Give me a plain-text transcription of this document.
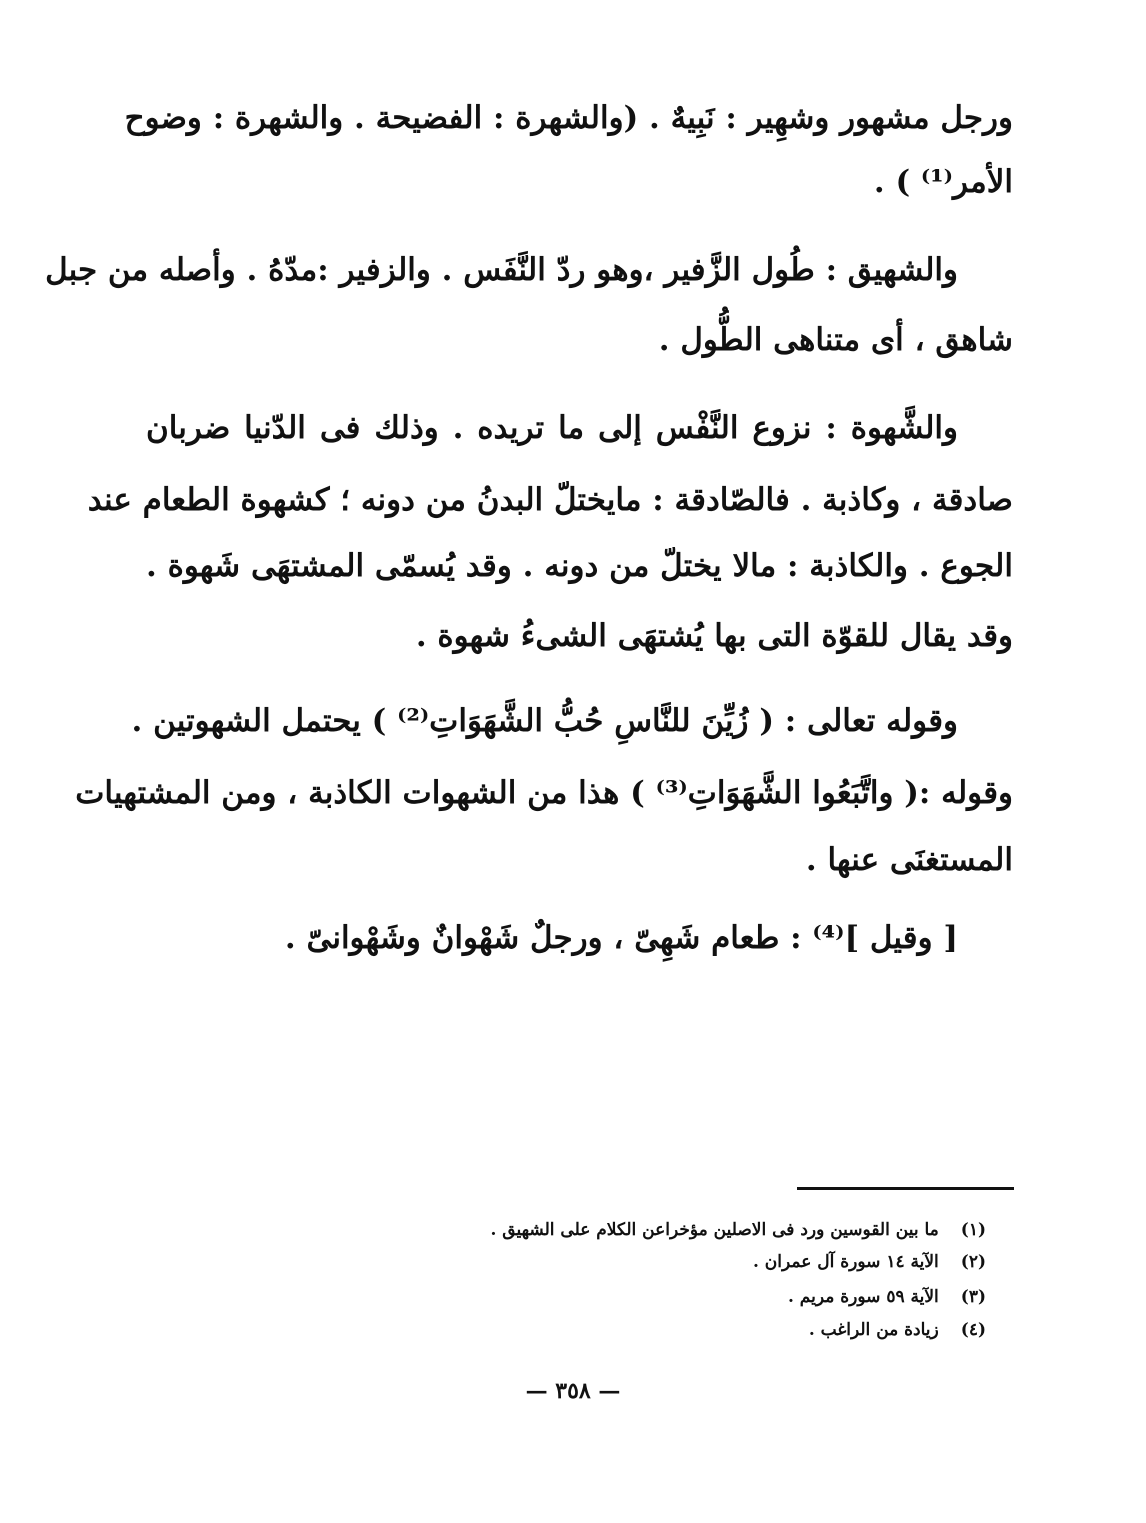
ورجل مشهور وشهِير : نَبِيهٌ . (والشهرة : الفضيحة . والشهرة : وضوح
الأمر⁽¹⁾ ) .
والشهيق : طُول الزَّفير ،وهو ردّ النَّفَس . والزفير :مدّهُ . وأصله من جبل
شاهق ، أى متناهى الطُّول .
والشَّهوة : نزوع النَّفْس إلى ما تريده . وذلك فى الدّنيا ضربان
صادقة ، وكاذبة . فالصّادقة : مايختلّ البدنُ من دونه ؛ كشهوة الطعام عند
الجوع . والكاذبة : مالا يختلّ من دونه . وقد يُسمّى المشتهَى شَهوة .
وقد يقال للقوّة التى بها يُشتهَى الشىءُ شهوة .
وقوله تعالى : ( زُيِّنَ للنَّاسِ حُبُّ الشَّهَوَاتِ⁽²⁾ ) يحتمل الشهوتين .
وقوله :( واتَّبَعُوا الشَّهَوَاتِ⁽³⁾ ) هذا من الشهوات الكاذبة ، ومن المشتهيات
المستغنَى عنها .
[ وقيل ]⁽⁴⁾ : طعام شَهِىّ ، ورجلٌ شَهْوانٌ وشَهْوانىّ .
(١)ما بين القوسين ورد فى الاصلين مؤخراعن الكلام على الشهيق .
(٢)الآية ١٤ سورة آل عمران .
(٣)الآية ٥٩ سورة مريم .
(٤)زيادة من الراغب .
— ٣٥٨ —
